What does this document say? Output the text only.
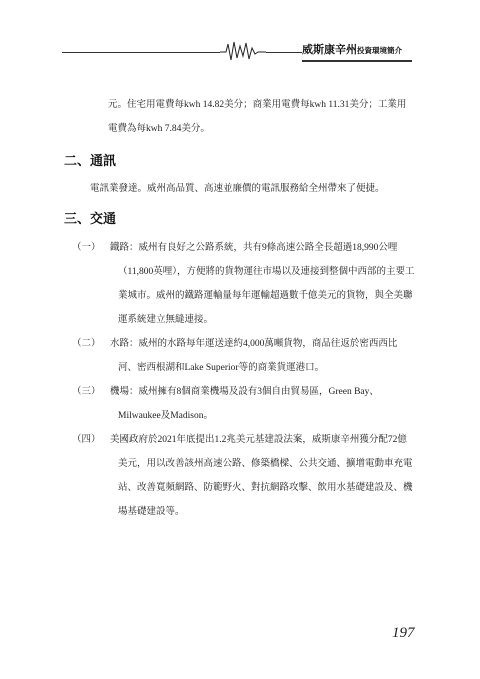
威斯康辛州投資環境簡介
元。住宅用電費每kwh 14.82美分；商業用電費每kwh 11.31美分；工業用
電費為每kwh 7.84美分。
二、通訊
電訊業發達。威州高品質、高速並廉價的電訊服務給全州帶來了便捷。
三、交通
（一） 鐵路：威州有良好之公路系統，共有9條高速公路全長超過18,990公哩
（11,800英哩），方便將的貨物運往市場以及連接到整個中西部的主要工
業城市。威州的鐵路運輸量每年運輸超過數千億美元的貨物，與全美聯
運系統建立無縫連接。
（二） 水路：威州的水路每年運送達約4,000萬噸貨物，商品往返於密西西比
河、密西根湖和Lake Superior等的商業貨運港口。
（三） 機場：威州擁有8個商業機場及設有3個自由貿易區，Green Bay、
Milwaukee及Madison。
（四） 美國政府於2021年底提出1.2兆美元基建設法案，威斯康辛州獲分配72億
美元，用以改善該州高速公路、修築橋樑、公共交通、擴增電動車充電
站、改善寬頻網路、防範野火、對抗網路攻擊、飲用水基礎建設及、機
場基礎建設等。
197
